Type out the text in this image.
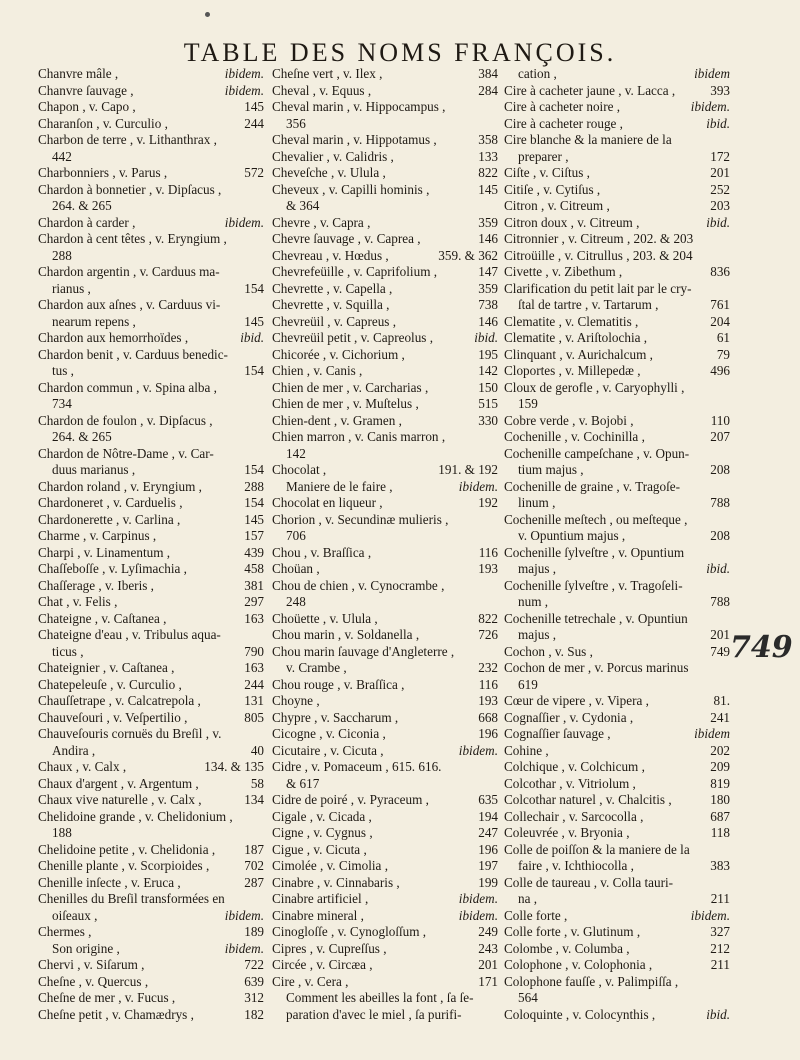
TABLE DES NOMS FRANÇOIS.
Chanvre mâle ,	ibidem.
Chanvre ſauvage ,	ibidem.
Chapon , v. Capo ,	145
Charanſon , v. Curculio ,	244
Charbon de terre , v. Lithanthrax ,
442
Charbonniers , v. Parus ,	572
Chardon à bonnetier , v. Dipſacus ,
264. & 265
Chardon à carder ,	ibidem.
Chardon à cent têtes , v. Eryngium ,
288
Chardon argentin , v. Carduus ma-
rianus ,	154
Chardon aux aſnes , v. Carduus vi-
nearum repens ,	145
Chardon aux hemorrhoïdes ,	ibid.
Chardon benit , v. Carduus benedic-
tus ,	154
Chardon commun , v. Spina alba ,
734
Chardon de foulon , v. Dipſacus ,
264. & 265
Chardon de Nôtre-Dame , v. Car-
duus marianus ,	154
Chardon roland , v. Eryngium ,	288
Chardoneret , v. Carduelis ,	154
Chardonerette , v. Carlina ,	145
Charme , v. Carpinus ,	157
Charpi , v. Linamentum ,	439
Chaſſeboſſe , v. Lyſimachia ,	458
Chaſſerage , v. Iberis ,	381
Chat , v. Felis ,	297
Chateigne , v. Caſtanea ,	163
Chateigne d'eau , v. Tribulus aqua-
ticus ,	790
Chateignier , v. Caſtanea ,	163
Chatepeleuſe , v. Curculio ,	244
Chauſſetrape , v. Calcatrepola ,	131
Chauveſouri , v. Veſpertilio ,	805
Chauveſouris cornuës du Breſil , v.
Andira ,	40
Chaux , v. Calx ,	134. & 135
Chaux d'argent , v. Argentum ,	58
Chaux vive naturelle , v. Calx ,	134
Chelidoine grande , v. Chelidonium ,
188
Chelidoine petite , v. Chelidonia ,	187
Chenille plante , v. Scorpioides ,	702
Chenille inſecte , v. Eruca ,	287
Chenilles du Breſil transformées en
oiſeaux ,	ibidem.
Chermes ,	189
Son origine ,	ibidem.
Chervi , v. Siſarum ,	722
Cheſne , v. Quercus ,	639
Cheſne de mer , v. Fucus ,	312
Cheſne petit , v. Chamædrys ,	182
Cheſne vert , v. Ilex ,	384
Cheval , v. Equus ,	284
Cheval marin , v. Hippocampus ,
356
Cheval marin , v. Hippotamus ,	358
Chevalier , v. Calidris ,	133
Cheveſche , v. Ulula ,	822
Cheveux , v. Capilli hominis ,	145
& 364
Chevre , v. Capra ,	359
Chevre ſauvage , v. Caprea ,	146
Chevreau , v. Hœdus ,	359. & 362
Chevrefeüille , v. Caprifolium ,	147
Chevrette , v. Capella ,	359
Chevrette , v. Squilla ,	738
Chevreüil , v. Capreus ,	146
Chevreüil petit , v. Capreolus ,	ibid.
Chicorée , v. Cichorium ,	195
Chien , v. Canis ,	142
Chien de mer , v. Carcharias ,	150
Chien de mer , v. Muſtelus ,	515
Chien-dent , v. Gramen ,	330
Chien marron , v. Canis marron ,
142
Chocolat ,	191. & 192
Maniere de le faire ,	ibidem.
Chocolat en liqueur ,	192
Chorion , v. Secundinæ mulieris ,
706
Chou , v. Braſſica ,	116
Choüan ,	193
Chou de chien , v. Cynocrambe ,
248
Choüette , v. Ulula ,	822
Chou marin , v. Soldanella ,	726
Chou marin ſauvage d'Angleterre ,
v. Crambe ,	232
Chou rouge , v. Braſſica ,	116
Choyne ,	193
Chypre , v. Saccharum ,	668
Cicogne , v. Ciconia ,	196
Cicutaire , v. Cicuta ,	ibidem.
Cidre , v. Pomaceum , 615. 616.
& 617
Cidre de poiré , v. Pyraceum ,	635
Cigale , v. Cicada ,	194
Cigne , v. Cygnus ,	247
Cigue , v. Cicuta ,	196
Cimolée , v. Cimolia ,	197
Cinabre , v. Cinnabaris ,	199
Cinabre artificiel ,	ibidem.
Cinabre mineral ,	ibidem.
Cinogloſſe , v. Cynogloſſum ,	249
Cipres , v. Cupreſſus ,	243
Circée , v. Circæa ,	201
Cire , v. Cera ,	171
Comment les abeilles la font , ſa ſe-
paration d'avec le miel , ſa purifi-
cation ,	ibidem
Cire à cacheter jaune , v. Lacca ,	393
Cire à cacheter noire ,	ibidem.
Cire à cacheter rouge ,	ibid.
Cire blanche & la maniere de la
preparer ,	172
Ciſte , v. Ciſtus ,	201
Citiſe , v. Cytiſus ,	252
Citron , v. Citreum ,	203
Citron doux , v. Citreum ,	ibid.
Citronnier , v. Citreum , 202. & 203
Citroüille , v. Citrullus , 203. & 204
Civette , v. Zibethum ,	836
Clarification du petit lait par le cry-
ſtal de tartre , v. Tartarum ,	761
Clematite , v. Clematitis ,	204
Clematite , v. Ariſtolochia ,	61
Clinquant , v. Aurichalcum ,	79
Cloportes , v. Millepedæ ,	496
Cloux de gerofle , v. Caryophylli ,
159
Cobre verde , v. Bojobi ,	110
Cochenille , v. Cochinilla ,	207
Cochenille campeſchane , v. Opun-
tium majus ,	208
Cochenille de graine , v. Tragoſe-
linum ,	788
Cochenille meſtech , ou meſteque ,
v. Opuntium majus ,	208
Cochenille ſylveſtre , v. Opuntium
majus ,	ibid.
Cochenille ſylveſtre , v. Tragoſeli-
num ,	788
Cochenille tetrechale , v. Opuntiun
majus ,	201
Cochon , v. Sus ,	749
Cochon de mer , v. Porcus marinus
619
Cœur de vipere , v. Vipera ,	81.
Cognaſſier , v. Cydonia ,	241
Cognaſſier ſauvage ,	ibidem
Cohine ,	202
Colchique , v. Colchicum ,	209
Colcothar , v. Vitriolum ,	819
Colcothar naturel , v. Chalcitis ,	180
Collechair , v. Sarcocolla ,	687
Coleuvrée , v. Bryonia ,	118
Colle de poiſſon & la maniere de la
faire , v. Ichthiocolla ,	383
Colle de taureau , v. Colla tauri-
na ,	211
Colle forte ,	ibidem.
Colle forte , v. Glutinum ,	327
Colombe , v. Columba ,	212
Colophone , v. Colophonia ,	211
Colophone fauſſe , v. Palimpiſſa ,
564
Coloquinte , v. Colocynthis ,	ibid.
749
